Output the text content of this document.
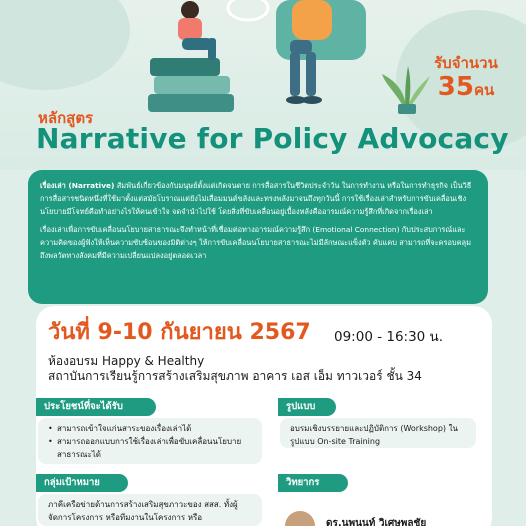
รับจำนวน
35คน
หลักสูตร
Narrative for Policy Advocacy

เรื่องเล่า (Narrative) สัมพันธ์เกี่ยวข้องกับมนุษย์ตั้งแต่เกิดจนตาย การสื่อสารในชีวิตประจำวัน ในการทำงาน หรือในการทำธุรกิจ เป็นวิธีการสื่อสารชนิดหนึ่งที่ใช้มาตั้งแต่สมัยโบราณแต่ยังไม่เสื่อมมนต์ขลังและทรงพลังมาจนถึงทุกวันนี้ การใช้เรื่องเล่าสำหรับการขับเคลื่อนเชิงนโยบายมีโจทย์คือทำอย่างไรให้คนเข้าใจ จดจำนำไปใช้ โดยสิ่งที่ขับเคลื่อนอยู่เบื้องหลังคืออารมณ์ความรู้สึกที่เกิดจากเรื่องเล่า

เรื่องเล่าเพื่อการขับเคลื่อนนโยบายสาธารณะจึงทำหน้าที่เชื่อมต่อทางอารมณ์ความรู้สึก (Emotional Connection) กับประสบการณ์และความคิดของผู้ฟังให้เห็นความซับซ้อนของมิติต่างๆ ให้การขับเคลื่อนนโยบายสาธารณะไม่มีลักษณะแข็งตัว คับแคบ สามารถที่จะครอบคลุมถึงพลวัตทางสังคมที่มีความเปลี่ยนแปลงอยู่ตลอดเวลา

วันที่ 9-10 กันยายน 2567 09:00 - 16:30 น.
ห้องอบรม Happy & Healthy
สถาบันการเรียนรู้การสร้างเสริมสุขภาพ อาคาร เอส เอ็ม ทาวเวอร์ ชั้น 34
ประโยชน์ที่จะได้รับ
• สามารถเข้าใจแก่นสาระของเรื่องเล่าได้
• สามารถออกแบบการใช้เรื่องเล่าเพื่อขับเคลื่อนนโยบายสาธารณะได้
รูปแบบ
อบรมเชิงบรรยายและปฏิบัติการ (Workshop) ในรูปแบบ On-site Training
กลุ่มเป้าหมาย
ภาคีเครือข่ายด้านการสร้างเสริมสุขภาวะของ สสส. ทั้งผู้จัดการโครงการ หรือทีมงานในโครงการ หรือ
วิทยากร
ดร.นพนนท์ วิเศษพลชัย
